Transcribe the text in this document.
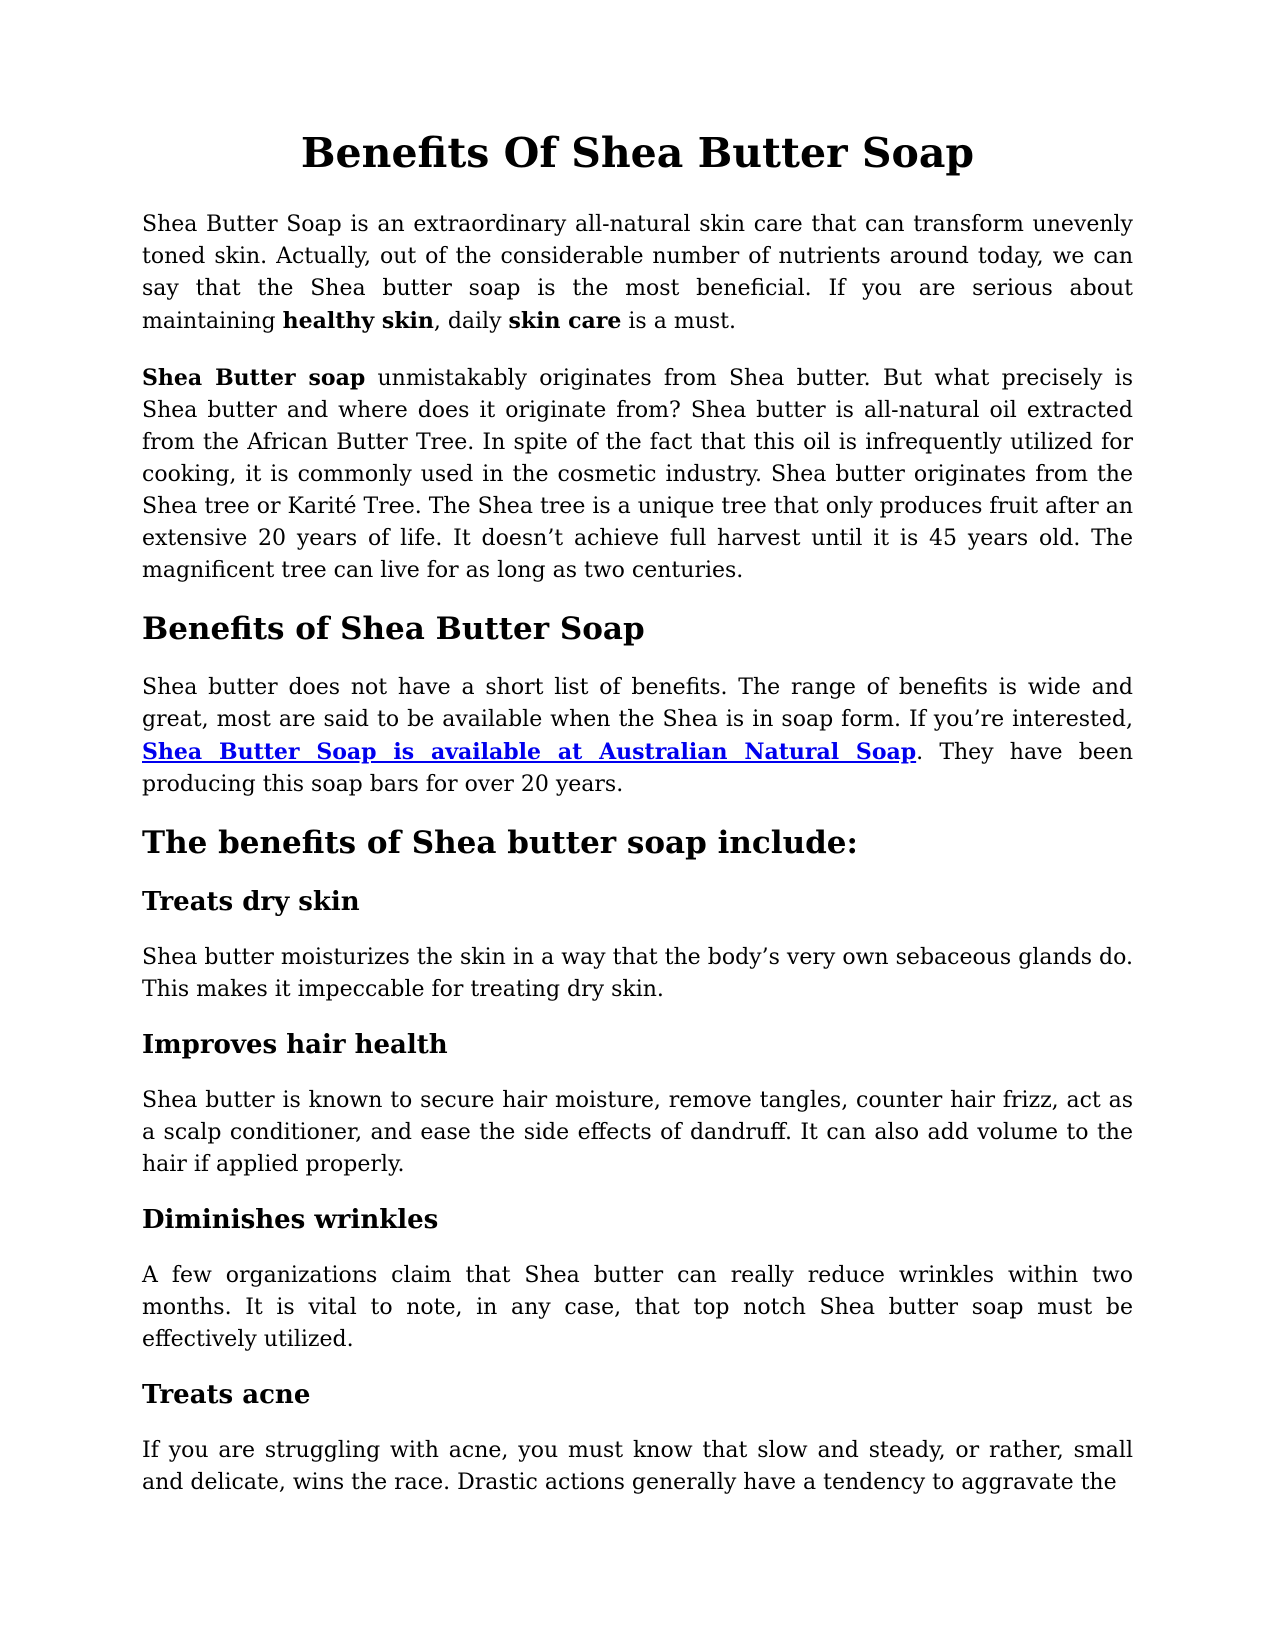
Benefits Of Shea Butter Soap

Shea Butter Soap is an extraordinary all-natural skin care that can transform unevenly toned skin. Actually, out of the considerable number of nutrients around today, we can say that the Shea butter soap is the most beneficial. If you are serious about maintaining healthy skin, daily skin care is a must.

Shea Butter soap unmistakably originates from Shea butter. But what precisely is Shea butter and where does it originate from? Shea butter is all-natural oil extracted from the African Butter Tree. In spite of the fact that this oil is infrequently utilized for cooking, it is commonly used in the cosmetic industry. Shea butter originates from the Shea tree or Karité Tree. The Shea tree is a unique tree that only produces fruit after an extensive 20 years of life. It doesn’t achieve full harvest until it is 45 years old. The magnificent tree can live for as long as two centuries.

Benefits of Shea Butter Soap

Shea butter does not have a short list of benefits. The range of benefits is wide and great, most are said to be available when the Shea is in soap form. If you’re interested, Shea Butter Soap is available at Australian Natural Soap. They have been producing this soap bars for over 20 years.

The benefits of Shea butter soap include:
Treats dry skin

Shea butter moisturizes the skin in a way that the body’s very own sebaceous glands do. This makes it impeccable for treating dry skin.

Improves hair health

Shea butter is known to secure hair moisture, remove tangles, counter hair frizz, act as a scalp conditioner, and ease the side effects of dandruff. It can also add volume to the hair if applied properly.

Diminishes wrinkles

A few organizations claim that Shea butter can really reduce wrinkles within two months. It is vital to note, in any case, that top notch Shea butter soap must be effectively utilized.

Treats acne

If you are struggling with acne, you must know that slow and steady, or rather, small and delicate, wins the race. Drastic actions generally have a tendency to aggravate the
